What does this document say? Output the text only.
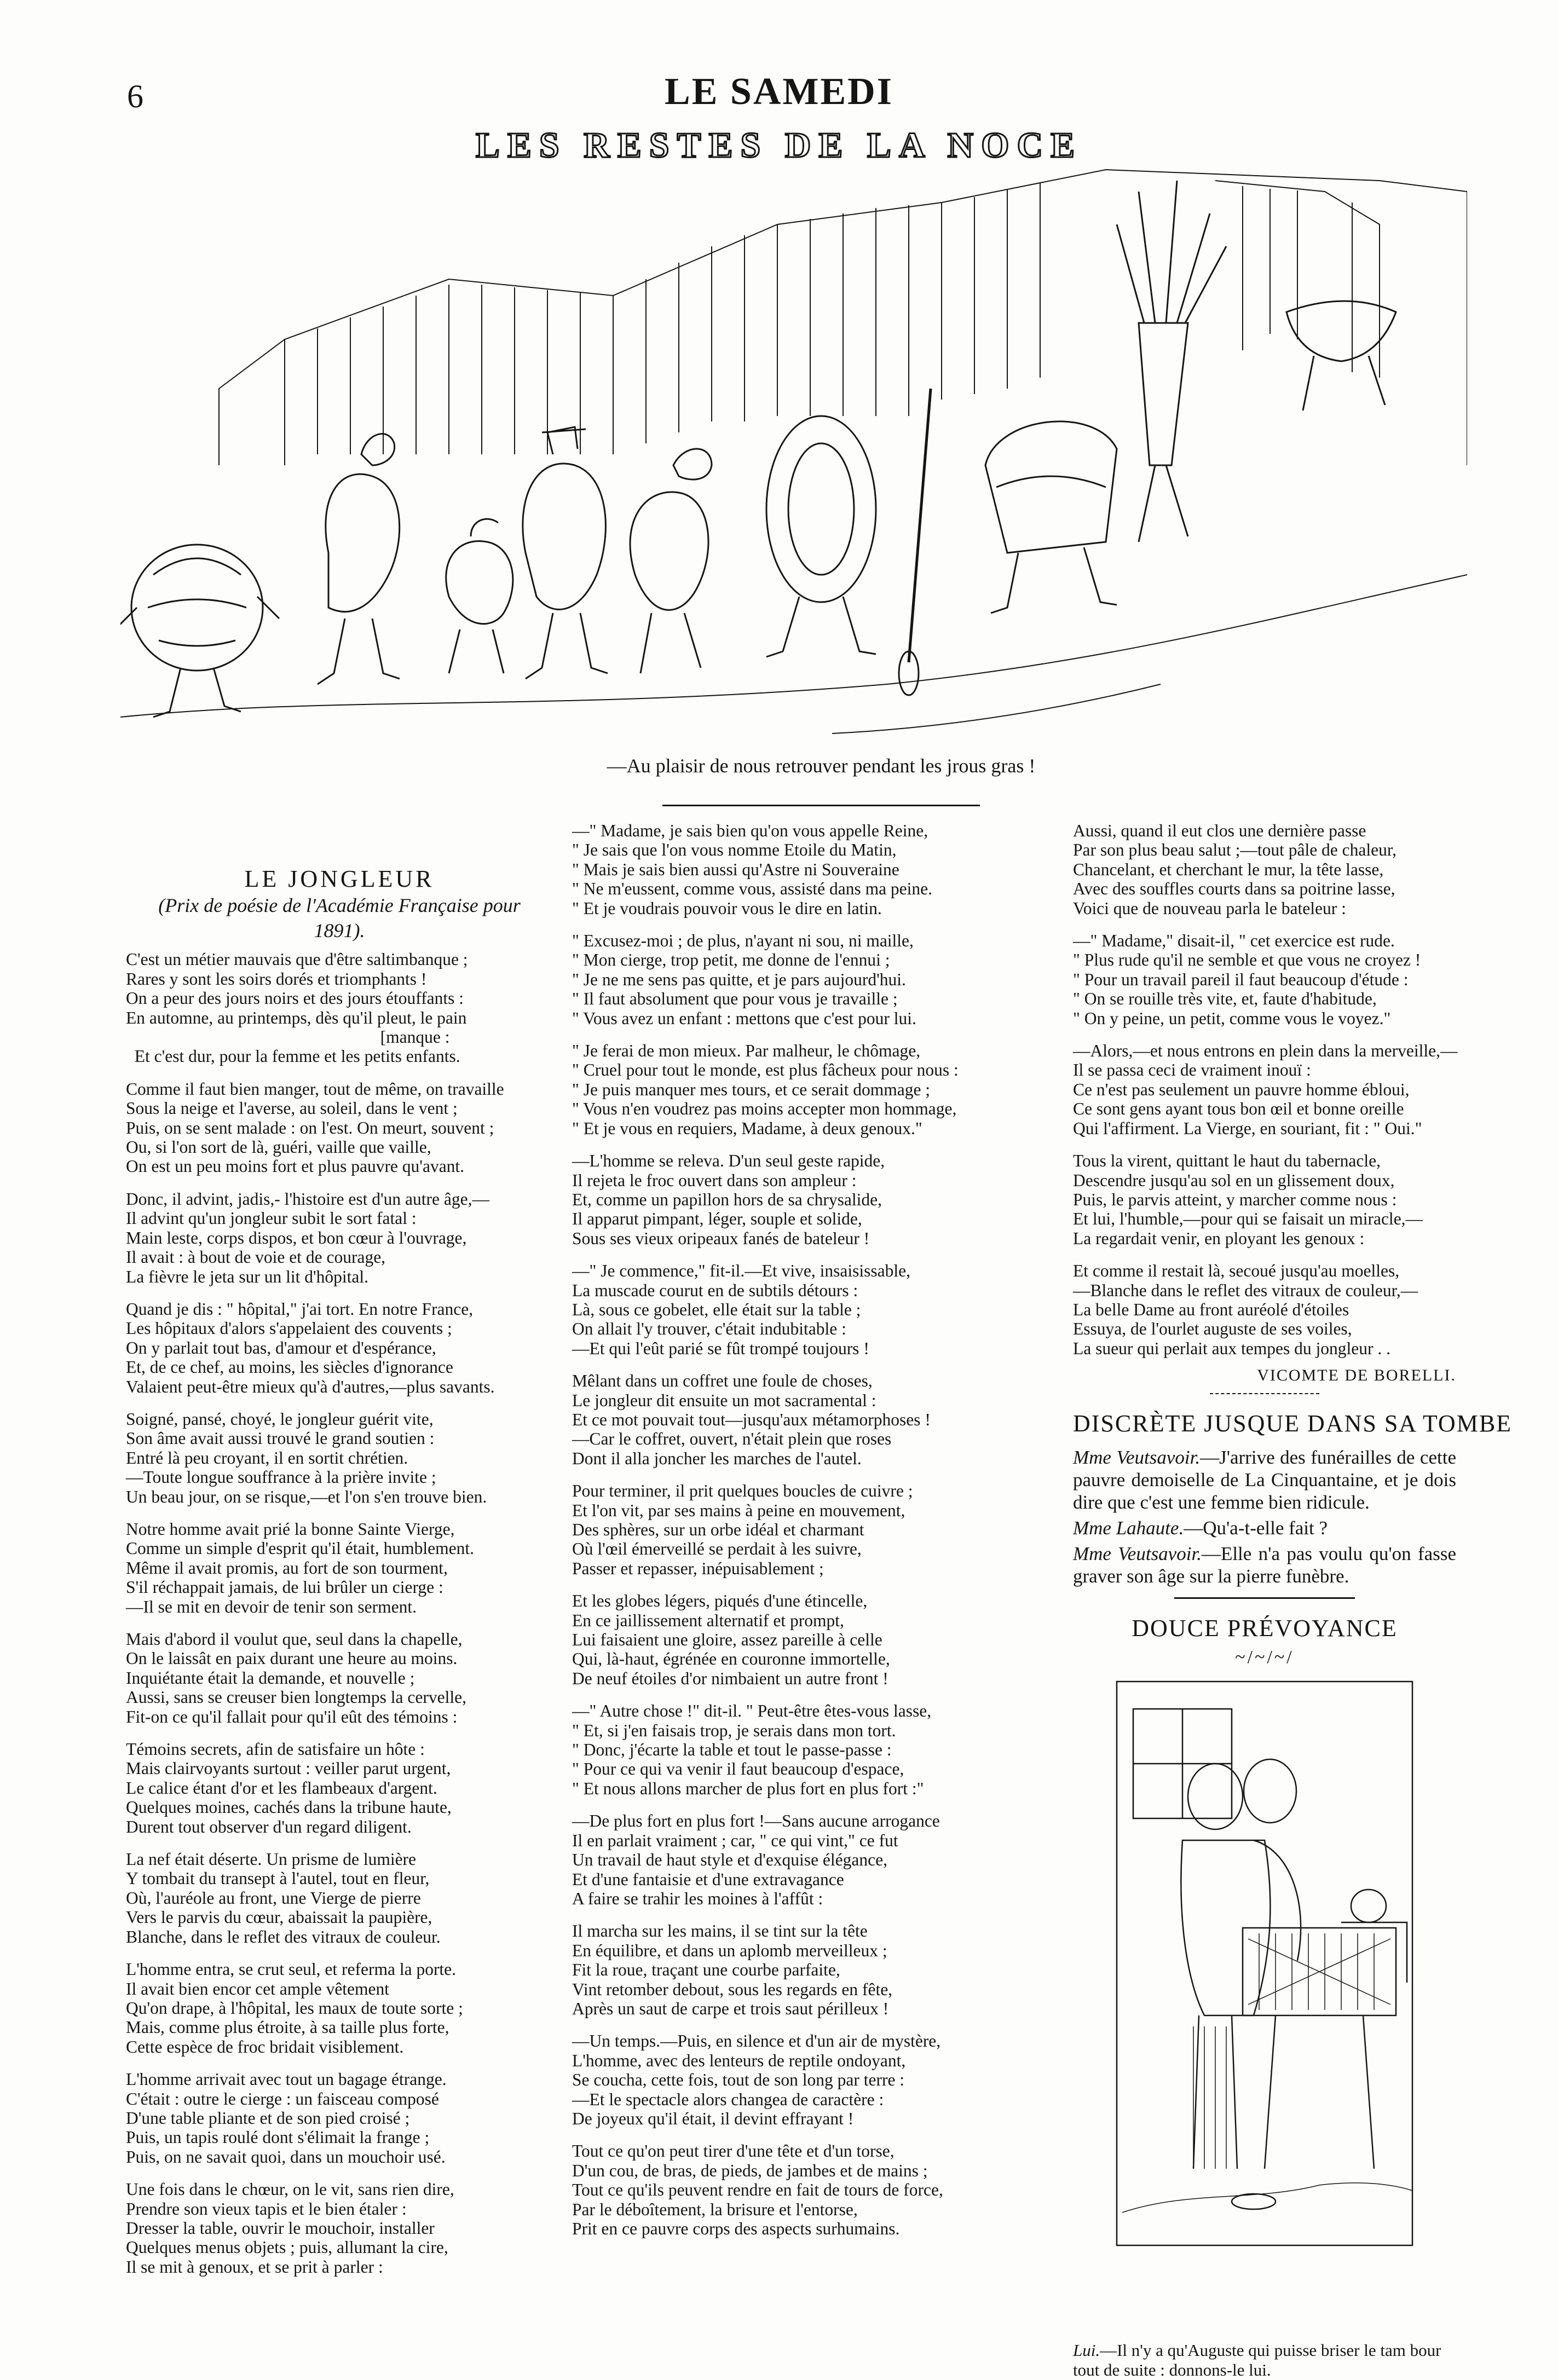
6	LE SAMEDI
LES RESTES DE LA NOCE
—Au plaisir de nous retrouver pendant les jrous gras !
LE JONGLEUR
(Prix de poésie de l'Académie Française pour
1891).

C'est un métier mauvais que d'être saltimbanque ;
Rares y sont les soirs dorés et triomphants !
On a peur des jours noirs et des jours étouffants :
En automne, au printemps, dès qu'il pleut, le pain
[manque :
Et c'est dur, pour la femme et les petits enfants.

Comme il faut bien manger, tout de même, on travaille
Sous la neige et l'averse, au soleil, dans le vent ;
Puis, on se sent malade : on l'est. On meurt, souvent ;
Ou, si l'on sort de là, guéri, vaille que vaille,
On est un peu moins fort et plus pauvre qu'avant.

Donc, il advint, jadis,- l'histoire est d'un autre âge,—
Il advint qu'un jongleur subit le sort fatal :
Main leste, corps dispos, et bon cœur à l'ouvrage,
Il avait : à bout de voie et de courage,
La fièvre le jeta sur un lit d'hôpital.

Quand je dis : " hôpital," j'ai tort. En notre France,
Les hôpitaux d'alors s'appelaient des couvents ;
On y parlait tout bas, d'amour et d'espérance,
Et, de ce chef, au moins, les siècles d'ignorance
Valaient peut-être mieux qu'à d'autres,—plus savants.

Soigné, pansé, choyé, le jongleur guérit vite,
Son âme avait aussi trouvé le grand soutien :
Entré là peu croyant, il en sortit chrétien.
—Toute longue souffrance à la prière invite ;
Un beau jour, on se risque,—et l'on s'en trouve bien.

Notre homme avait prié la bonne Sainte Vierge,
Comme un simple d'esprit qu'il était, humblement.
Même il avait promis, au fort de son tourment,
S'il réchappait jamais, de lui brûler un cierge :
—Il se mit en devoir de tenir son serment.

Mais d'abord il voulut que, seul dans la chapelle,
On le laissât en paix durant une heure au moins.
Inquiétante était la demande, et nouvelle ;
Aussi, sans se creuser bien longtemps la cervelle,
Fit-on ce qu'il fallait pour qu'il eût des témoins :

Témoins secrets, afin de satisfaire un hôte :
Mais clairvoyants surtout : veiller parut urgent,
Le calice étant d'or et les flambeaux d'argent.
Quelques moines, cachés dans la tribune haute,
Durent tout observer d'un regard diligent.

La nef était déserte. Un prisme de lumière
Y tombait du transept à l'autel, tout en fleur,
Où, l'auréole au front, une Vierge de pierre
Vers le parvis du cœur, abaissait la paupière,
Blanche, dans le reflet des vitraux de couleur.

L'homme entra, se crut seul, et referma la porte.
Il avait bien encor cet ample vêtement
Qu'on drape, à l'hôpital, les maux de toute sorte ;
Mais, comme plus étroite, à sa taille plus forte,
Cette espèce de froc bridait visiblement.

L'homme arrivait avec tout un bagage étrange.
C'était : outre le cierge : un faisceau composé
D'une table pliante et de son pied croisé ;
Puis, un tapis roulé dont s'élimait la frange ;
Puis, on ne savait quoi, dans un mouchoir usé.

Une fois dans le chœur, on le vit, sans rien dire,
Prendre son vieux tapis et le bien étaler :
Dresser la table, ouvrir le mouchoir, installer
Quelques menus objets ; puis, allumant la cire,
Il se mit à genoux, et se prit à parler :

—" Madame, je sais bien qu'on vous appelle Reine,
" Je sais que l'on vous nomme Etoile du Matin,
" Mais je sais bien aussi qu'Astre ni Souveraine
" Ne m'eussent, comme vous, assisté dans ma peine.
" Et je voudrais pouvoir vous le dire en latin.

" Excusez-moi ; de plus, n'ayant ni sou, ni maille,
" Mon cierge, trop petit, me donne de l'ennui ;
" Je ne me sens pas quitte, et je pars aujourd'hui.
" Il faut absolument que pour vous je travaille ;
" Vous avez un enfant : mettons que c'est pour lui.

" Je ferai de mon mieux. Par malheur, le chômage,
" Cruel pour tout le monde, est plus fâcheux pour nous :
" Je puis manquer mes tours, et ce serait dommage ;
" Vous n'en voudrez pas moins accepter mon hommage,
" Et je vous en requiers, Madame, à deux genoux."

—L'homme se releva. D'un seul geste rapide,
Il rejeta le froc ouvert dans son ampleur :
Et, comme un papillon hors de sa chrysalide,
Il apparut pimpant, léger, souple et solide,
Sous ses vieux oripeaux fanés de bateleur !

—" Je commence," fit-il.—Et vive, insaisissable,
La muscade courut en de subtils détours :
Là, sous ce gobelet, elle était sur la table ;
On allait l'y trouver, c'était indubitable :
—Et qui l'eût parié se fût trompé toujours !

Mêlant dans un coffret une foule de choses,
Le jongleur dit ensuite un mot sacramental :
Et ce mot pouvait tout—jusqu'aux métamorphoses !
—Car le coffret, ouvert, n'était plein que roses
Dont il alla joncher les marches de l'autel.

Pour terminer, il prit quelques boucles de cuivre ;
Et l'on vit, par ses mains à peine en mouvement,
Des sphères, sur un orbe idéal et charmant
Où l'œil émerveillé se perdait à les suivre,
Passer et repasser, inépuisablement ;

Et les globes légers, piqués d'une étincelle,
En ce jaillissement alternatif et prompt,
Lui faisaient une gloire, assez pareille à celle
Qui, là-haut, égrénée en couronne immortelle,
De neuf étoiles d'or nimbaient un autre front !

—" Autre chose !" dit-il. " Peut-être êtes-vous lasse,
" Et, si j'en faisais trop, je serais dans mon tort.
" Donc, j'écarte la table et tout le passe-passe :
" Pour ce qui va venir il faut beaucoup d'espace,
" Et nous allons marcher de plus fort en plus fort :"

—De plus fort en plus fort !—Sans aucune arrogance
Il en parlait vraiment ; car, " ce qui vint," ce fut
Un travail de haut style et d'exquise élégance,
Et d'une fantaisie et d'une extravagance
A faire se trahir les moines à l'affût :

Il marcha sur les mains, il se tint sur la tête
En équilibre, et dans un aplomb merveilleux ;
Fit la roue, traçant une courbe parfaite,
Vint retomber debout, sous les regards en fête,
Après un saut de carpe et trois saut périlleux !

—Un temps.—Puis, en silence et d'un air de mystère,
L'homme, avec des lenteurs de reptile ondoyant,
Se coucha, cette fois, tout de son long par terre :
—Et le spectacle alors changea de caractère :
De joyeux qu'il était, il devint effrayant !

Tout ce qu'on peut tirer d'une tête et d'un torse,
D'un cou, de bras, de pieds, de jambes et de mains ;
Tout ce qu'ils peuvent rendre en fait de tours de force,
Par le déboîtement, la brisure et l'entorse,
Prit en ce pauvre corps des aspects surhumains.

Aussi, quand il eut clos une dernière passe
Par son plus beau salut ;—tout pâle de chaleur,
Chancelant, et cherchant le mur, la tête lasse,
Avec des souffles courts dans sa poitrine lasse,
Voici que de nouveau parla le bateleur :

—" Madame," disait-il, " cet exercice est rude.
" Plus rude qu'il ne semble et que vous ne croyez !
" Pour un travail pareil il faut beaucoup d'étude :
" On se rouille très vite, et, faute d'habitude,
" On y peine, un petit, comme vous le voyez."

—Alors,—et nous entrons en plein dans la merveille,—
Il se passa ceci de vraiment inouï :
Ce n'est pas seulement un pauvre homme ébloui,
Ce sont gens ayant tous bon œil et bonne oreille
Qui l'affirment. La Vierge, en souriant, fit : " Oui."

Tous la virent, quittant le haut du tabernacle,
Descendre jusqu'au sol en un glissement doux,
Puis, le parvis atteint, y marcher comme nous :
Et lui, l'humble,—pour qui se faisait un miracle,—
La regardait venir, en ployant les genoux :

Et comme il restait là, secoué jusqu'au moelles,
—Blanche dans le reflet des vitraux de couleur,—
La belle Dame au front auréolé d'étoiles
Essuya, de l'ourlet auguste de ses voiles,
La sueur qui perlait aux tempes du jongleur . .

VICOMTE DE BORELLI.
DISCRÈTE JUSQUE DANS SA TOMBE
Mme Veutsavoir.—J'arrive des funérailles de cette pauvre demoiselle de La Cinquantaine, et je dois dire que c'est une femme bien ridicule.
Mme Lahaute.—Qu'a-t-elle fait ?
Mme Veutsavoir.—Elle n'a pas voulu qu'on fasse graver son âge sur la pierre funèbre.
DOUCE PRÉVOYANCE
~/~/~/
Lui.—Il n'y a qu'Auguste qui puisse briser le tam bour tout de suite : donnons-le lui.
